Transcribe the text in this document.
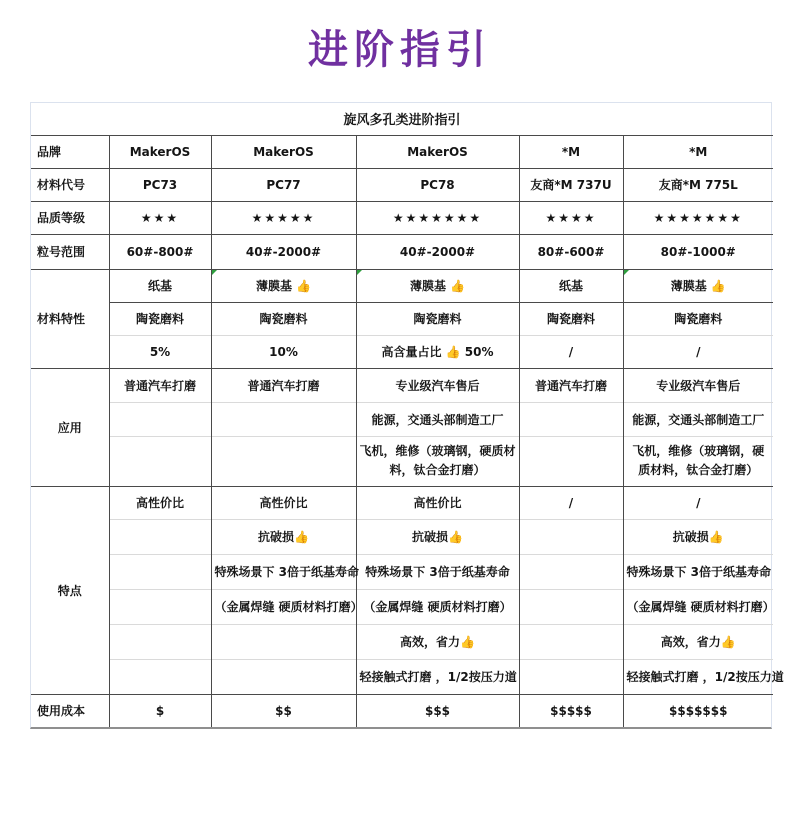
进阶指引
旋风多孔类进阶指引					
品牌	MakerOS	MakerOS	MakerOS	*M	*M
材料代号	PC73	PC77	PC78	友商*M 737U	友商*M 775L
品质等级	★★★	★★★★★	★★★★★★★	★★★★	★★★★★★★
粒号范围	60#-800#	40#-2000#	40#-2000#	80#-600#	80#-1000#
材料特性	纸基	薄膜基 👍	薄膜基 👍	纸基	薄膜基 👍
	陶瓷磨料	陶瓷磨料	陶瓷磨料	陶瓷磨料	陶瓷磨料
	5%	10%	高含量占比 👍 50%	/	/
应用	普通汽车打磨	普通汽车打磨	专业级汽车售后	普通汽车打磨	专业级汽车售后
			能源，交通头部制造工厂		能源，交通头部制造工厂
			飞机，维修（玻璃钢，硬质材料，钛合金打磨）		飞机，维修（玻璃钢，硬质材料，钛合金打磨）
特点	高性价比	高性价比	高性价比	/	/
		抗破损👍	抗破损👍		抗破损👍
		特殊场景下 3倍于纸基寿命	特殊场景下 3倍于纸基寿命		特殊场景下 3倍于纸基寿命
		（金属焊缝 硬质材料打磨）	（金属焊缝 硬质材料打磨）		（金属焊缝 硬质材料打磨）
			高效，省力👍		高效，省力👍
			轻接触式打磨 ，1/2按压力道		轻接触式打磨 ，1/2按压力道
使用成本	$	$$	$$$	$$$$$	$$$$$$$
